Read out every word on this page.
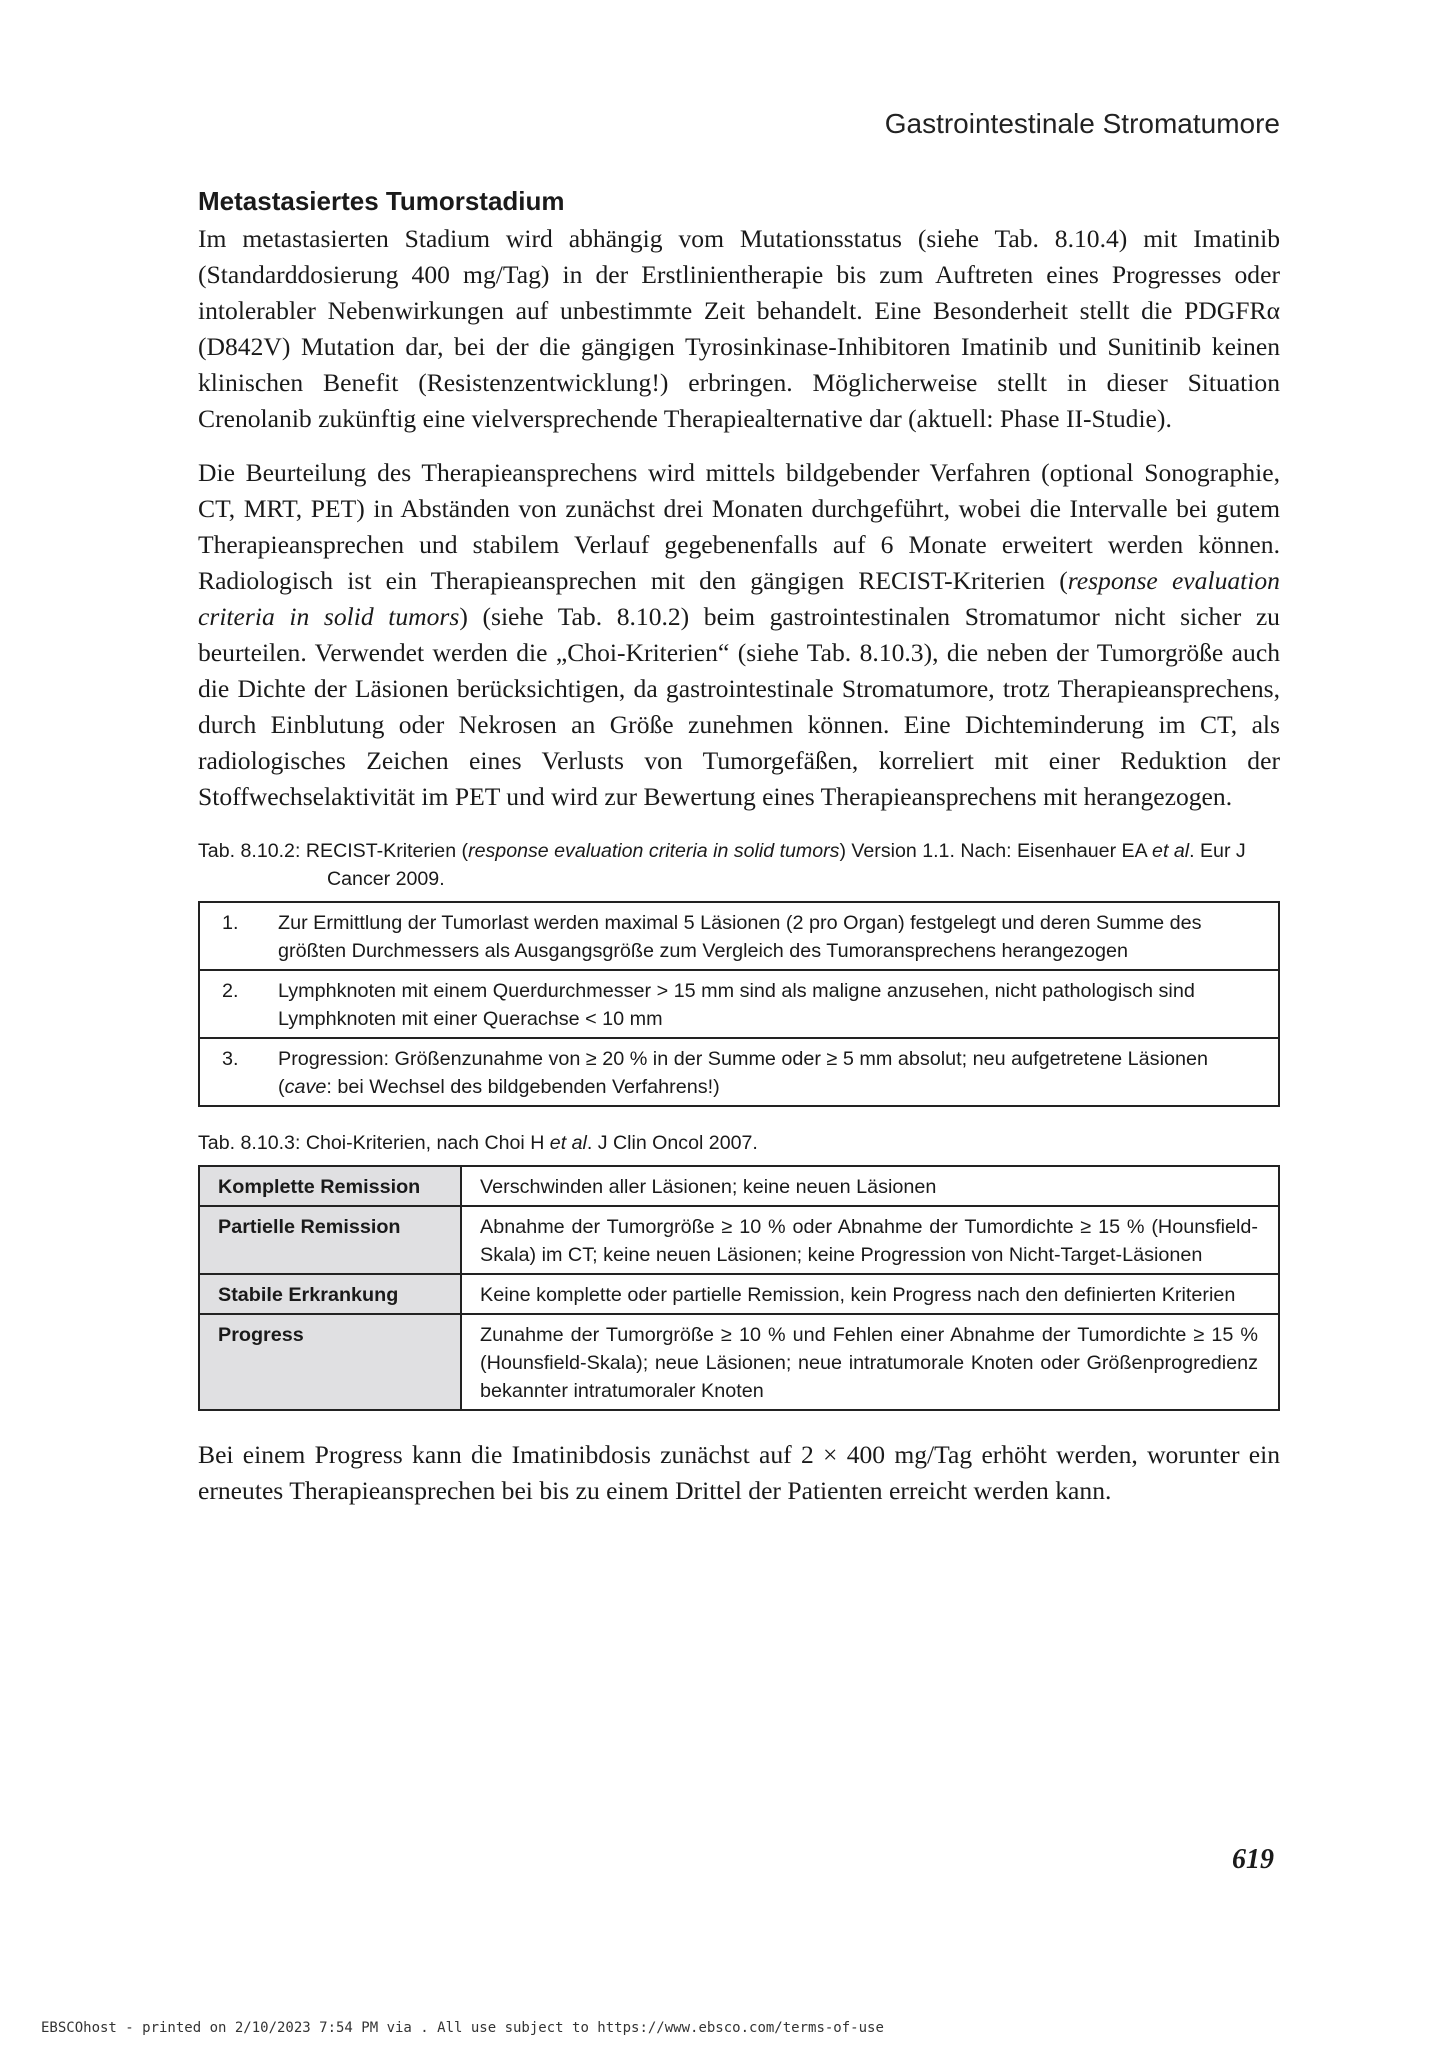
Gastrointestinale Stromatumore
Metastasiertes Tumorstadium

Im metastasierten Stadium wird abhängig vom Mutationsstatus (siehe Tab. 8.10.4) mit Imatinib (Standarddosierung 400 mg/Tag) in der Erstlinientherapie bis zum Auftreten eines Progresses oder intolerabler Nebenwirkungen auf unbestimmte Zeit behandelt. Eine Besonderheit stellt die PDGFRα (D842V) Mutation dar, bei der die gängigen Tyrosinkinase-Inhibitoren Imatinib und Sunitinib keinen klinischen Benefit (Resistenzentwicklung!) erbringen. Möglicherweise stellt in dieser Situation Crenolanib zukünftig eine vielversprechende Therapiealternative dar (aktuell: Phase II-Studie).

Die Beurteilung des Therapieansprechens wird mittels bildgebender Verfahren (optional Sonographie, CT, MRT, PET) in Abständen von zunächst drei Monaten durchgeführt, wobei die Intervalle bei gutem Therapieansprechen und stabilem Verlauf gegebenenfalls auf 6 Monate erweitert werden können. Radiologisch ist ein Therapieansprechen mit den gängigen RECIST-Kriterien (response evaluation criteria in solid tumors) (siehe Tab. 8.10.2) beim gastrointestinalen Stromatumor nicht sicher zu beurteilen. Verwendet werden die „Choi-Kriterien“ (siehe Tab. 8.10.3), die neben der Tumorgröße auch die Dichte der Läsionen berücksichtigen, da gastrointestinale Stromatumore, trotz Therapieansprechens, durch Einblutung oder Nekrosen an Größe zunehmen können. Eine Dichteminderung im CT, als radiologisches Zeichen eines Verlusts von Tumorgefäßen, korreliert mit einer Reduktion der Stoffwechselaktivität im PET und wird zur Bewertung eines Therapieansprechens mit herangezogen.

Tab. 8.10.2: RECIST-Kriterien (response evaluation criteria in solid tumors) Version 1.1. Nach: Eisenhauer EA et al. Eur J Cancer 2009.
1.	Zur Ermittlung der Tumorlast werden maximal 5 Läsionen (2 pro Organ) festgelegt und deren Summe des größten Durchmessers als Ausgangsgröße zum Vergleich des Tumoransprechens herangezogen
2.	Lymphknoten mit einem Querdurchmesser > 15 mm sind als maligne anzusehen, nicht pathologisch sind Lymphknoten mit einer Querachse < 10 mm
3.	Progression: Größenzunahme von ≥ 20 % in der Summe oder ≥ 5 mm absolut; neu aufgetretene Läsionen (cave: bei Wechsel des bildgebenden Verfahrens!)
Tab. 8.10.3: Choi-Kriterien, nach Choi H et al. J Clin Oncol 2007.
Komplette Remission	Verschwinden aller Läsionen; keine neuen Läsionen
Partielle Remission	Abnahme der Tumorgröße ≥ 10 % oder Abnahme der Tumordichte ≥ 15 % (Hounsfield-Skala) im CT; keine neuen Läsionen; keine Progression von Nicht-Target-Läsionen
Stabile Erkrankung	Keine komplette oder partielle Remission, kein Progress nach den definierten Kriterien
Progress	Zunahme der Tumorgröße ≥ 10 % und Fehlen einer Abnahme der Tumordichte ≥ 15 % (Hounsfield-Skala); neue Läsionen; neue intratumorale Knoten oder Größenprogredienz bekannter intratumoraler Knoten

Bei einem Progress kann die Imatinibdosis zunächst auf 2 × 400 mg/Tag erhöht werden, worunter ein erneutes Therapieansprechen bei bis zu einem Drittel der Patienten erreicht werden kann.

619
EBSCOhost - printed on 2/10/2023 7:54 PM via . All use subject to https://www.ebsco.com/terms-of-use
